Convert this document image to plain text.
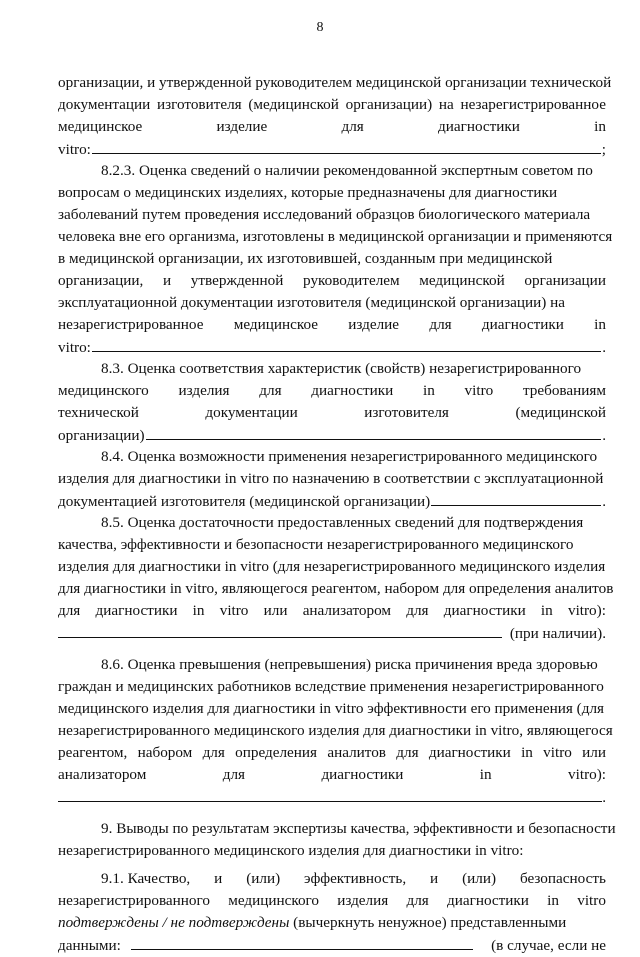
8
организации, и утвержденной руководителем медицинской организации технической
документации изготовителя (медицинской организации) на незарегистрированное
медицинское	изделие	для	диагностики	in
vitro:	;
8.2.3. Оценка сведений о наличии рекомендованной экспертным советом по
вопросам о медицинских изделиях, которые предназначены для диагностики
заболеваний путем проведения исследований образцов биологического материала
человека вне его организма, изготовлены в медицинской организации и применяются
в медицинской организации, их изготовившей, созданным при медицинской
организации, и утвержденной руководителем медицинской организации
эксплуатационной документации изготовителя (медицинской организации) на
незарегистрированное медицинское изделие для диагностики in
vitro:	.
8.3. Оценка соответствия характеристик (свойств) незарегистрированного
медицинского изделия для диагностики in vitro требованиям
технической	документации	изготовителя	(медицинской
организации)	.
8.4. Оценка возможности применения незарегистрированного медицинского
изделия для диагностики in vitro по назначению в соответствии с эксплуатационной
документацией изготовителя (медицинской организации)	.
8.5. Оценка достаточности предоставленных сведений для подтверждения
качества, эффективности и безопасности незарегистрированного медицинского
изделия для диагностики in vitro (для незарегистрированного медицинского изделия
для диагностики in vitro, являющегося реагентом, набором для определения аналитов
для диагностики in vitro или анализатором для диагностики in vitro):
(при наличии).
8.6. Оценка превышения (непревышения) риска причинения вреда здоровью
граждан и медицинских работников вследствие применения незарегистрированного
медицинского изделия для диагностики in vitro эффективности его применения (для
незарегистрированного медицинского изделия для диагностики in vitro, являющегося
реагентом, набором для определения аналитов для диагностики in vitro или
анализатором	для	диагностики	in	vitro):
.
9. Выводы по результатам экспертизы качества, эффективности и безопасности
незарегистрированного медицинского изделия для диагностики in vitro:
9.1. Качество, и (или) эффективность, и (или) безопасность
незарегистрированного медицинского изделия для диагностики in vitro
подтверждены / не подтверждены (вычеркнуть ненужное) представленными
данными:	(в случае, если не
